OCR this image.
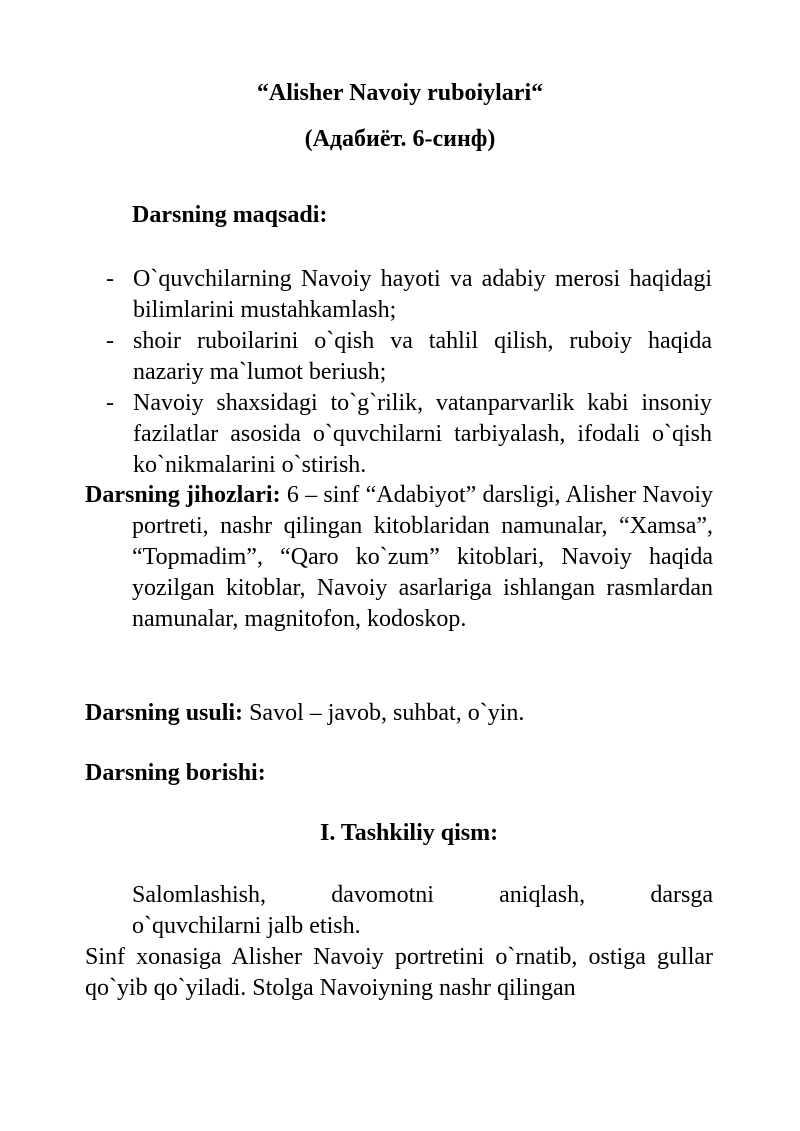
“Alisher Navoiy ruboiylari“
(Адабиёт. 6-синф)
Darsning maqsadi:
- O`quvchilarning Navoiy hayoti va adabiy merosi haqidagi bilimlarini mustahkamlash;
- shoir ruboilarini o`qish va tahlil qilish, ruboiy haqida nazariy ma`lumot beriush;
- Navoiy shaxsidagi to`g`rilik, vatanparvarlik kabi insoniy fazilatlar asosida o`quvchilarni tarbiyalash, ifodali o`qish ko`nikmalarini o`stirish.
Darsning jihozlari: 6 – sinf “Adabiyot” darsligi, Alisher Navoiy portreti, nashr qilingan kitoblaridan namunalar, “Xamsa”, “Topmadim”, “Qaro ko`zum” kitoblari, Navoiy haqida yozilgan kitoblar, Navoiy asarlariga ishlangan rasmlardan namunalar, magnitofon, kodoskop.
Darsning usuli: Savol – javob, suhbat, o`yin.
Darsning borishi:
I. Tashkiliy qism:
Salomlashish, davomotni aniqlash, darsga
o`quvchilarni jalb etish.
Sinf xonasiga Alisher Navoiy portretini o`rnatib, ostiga gullar qo`yib qo`yiladi. Stolga Navoiyning nashr qilingan
